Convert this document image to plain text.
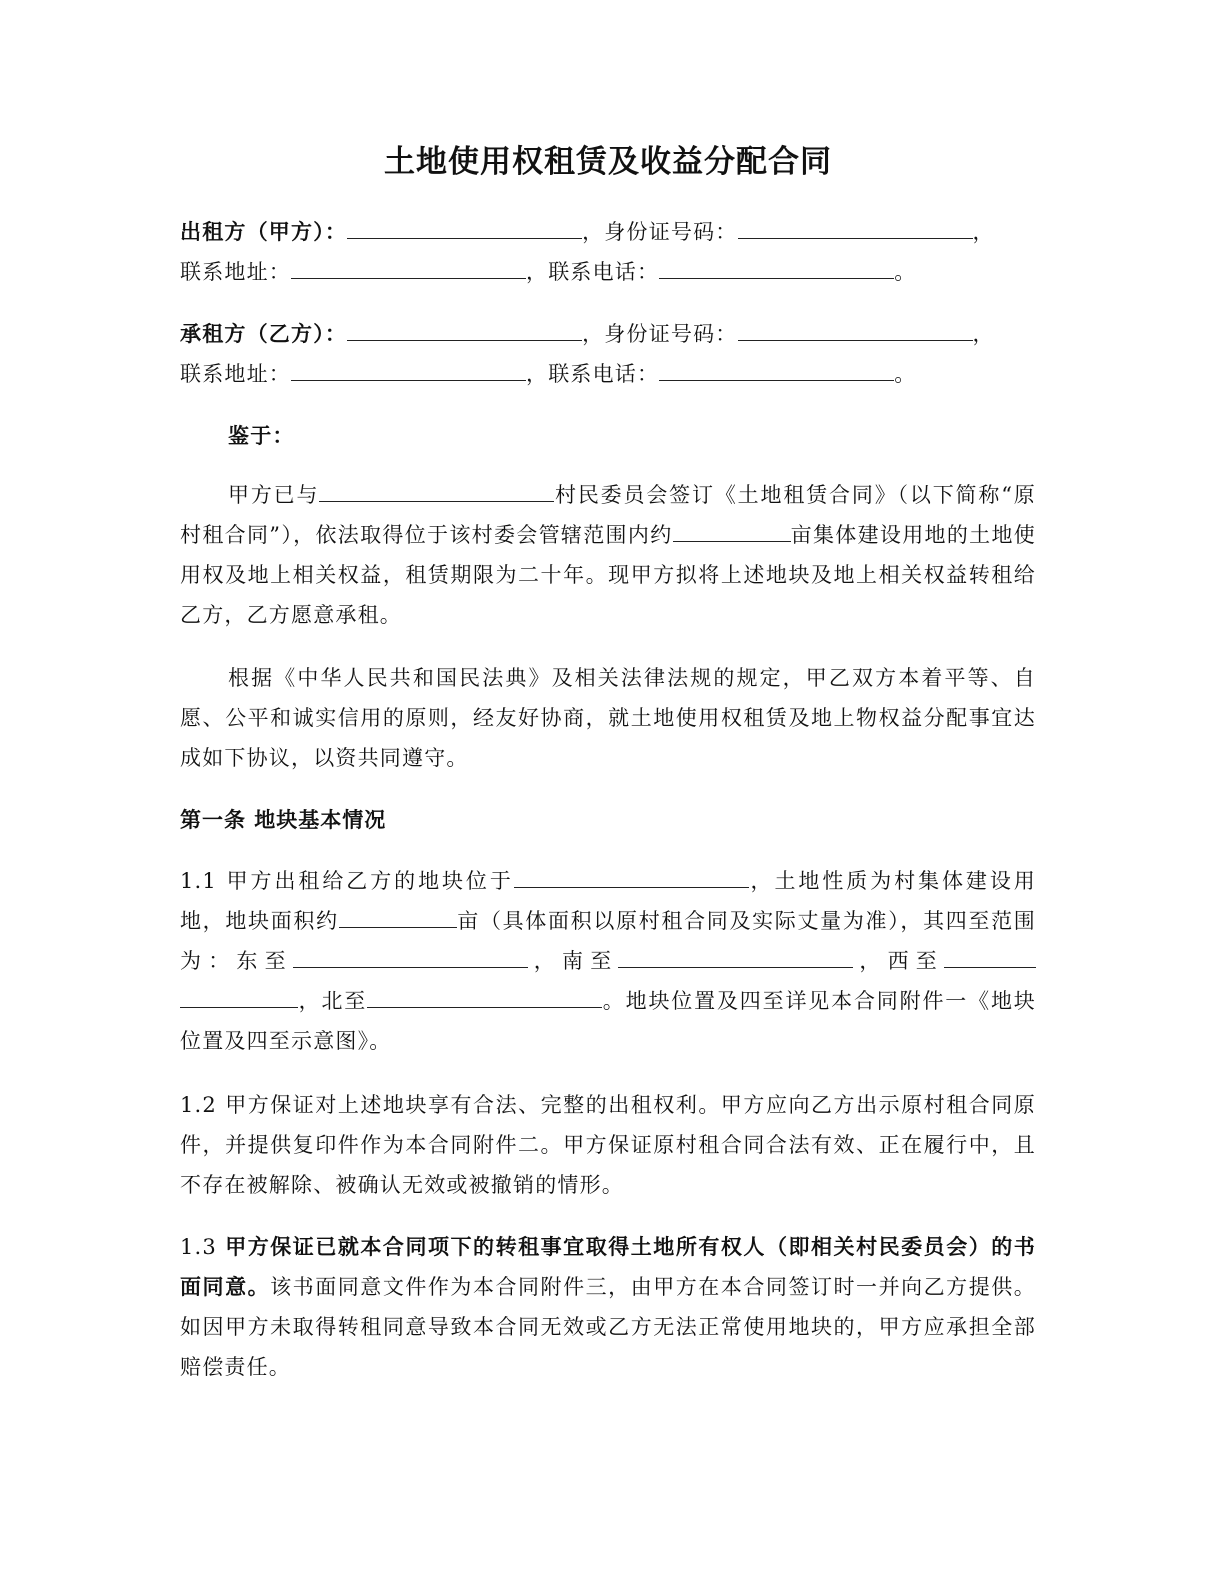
土地使用权租赁及收益分配合同

出租方（甲方）：	，身份证号码：	，
联系地址：	，联系电话：	。

承租方（乙方）：	，身份证号码：	，
联系地址：	，联系电话：	。

鉴于：

甲方已与	村民委员会签订《土地租赁合同》（以下简称“原村租合同”），依法取得位于该村委会管辖范围内约	亩集体建设用地的土地使用权及地上相关权益，租赁期限为二十年。现甲方拟将上述地块及地上相关权益转租给乙方，乙方愿意承租。

根据《中华人民共和国民法典》及相关法律法规的规定，甲乙双方本着平等、自愿、公平和诚实信用的原则，经友好协商，就土地使用权租赁及地上物权益分配事宜达成如下协议，以资共同遵守。

第一条 地块基本情况

1.1 甲方出租给乙方的地块位于	，土地性质为村集体建设用地，地块面积约	亩（具体面积以原村租合同及实际丈量为准），其四至范围为：东至	，南至	，西至 ，北至	。地块位置及四至详见本合同附件一《地块位置及四至示意图》。

1.2 甲方保证对上述地块享有合法、完整的出租权利。甲方应向乙方出示原村租合同原件，并提供复印件作为本合同附件二。甲方保证原村租合同合法有效、正在履行中，且不存在被解除、被确认无效或被撤销的情形。

1.3 甲方保证已就本合同项下的转租事宜取得土地所有权人（即相关村民委员会）的书面同意。该书面同意文件作为本合同附件三，由甲方在本合同签订时一并向乙方提供。如因甲方未取得转租同意导致本合同无效或乙方无法正常使用地块的，甲方应承担全部赔偿责任。
